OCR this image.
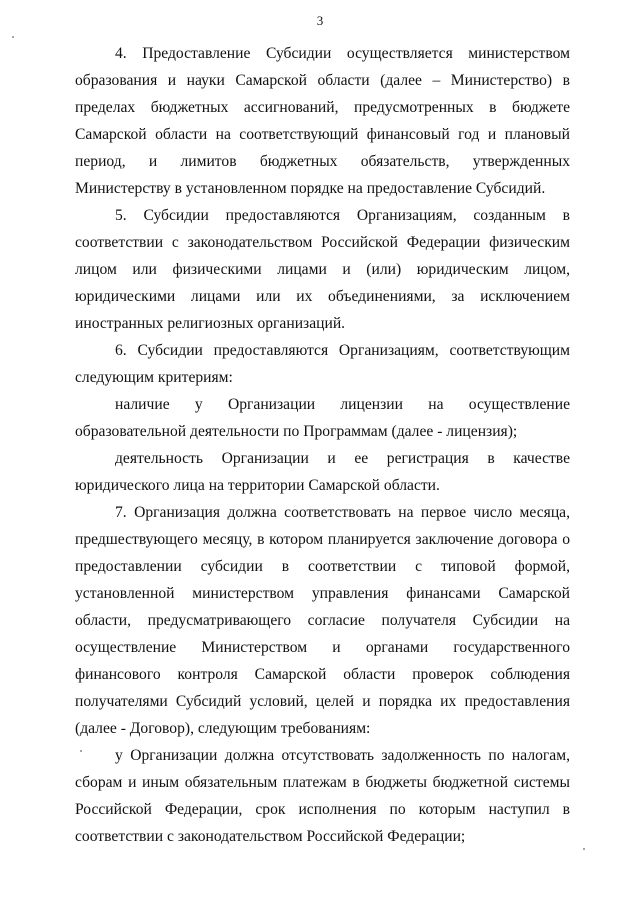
3

4. Предоставление Субсидии осуществляется министерством образования и науки Самарской области (далее – Министерство) в пределах бюджетных ассигнований, предусмотренных в бюджете Самарской области на соответствующий финансовый год и плановый период, и лимитов бюджетных обязательств, утвержденных Министерству в установленном порядке на предоставление Субсидий.

5. Субсидии предоставляются Организациям, созданным в соответствии с законодательством Российской Федерации физическим лицом или физическими лицами и (или) юридическим лицом, юридическими лицами или их объединениями, за исключением иностранных религиозных организаций.

6. Субсидии предоставляются Организациям, соответствующим следующим критериям:

наличие у Организации лицензии на осуществление образовательной деятельности по Программам (далее - лицензия);

деятельность Организации и ее регистрация в качестве юридического лица на территории Самарской области.

7. Организация должна соответствовать на первое число месяца, предшествующего месяцу, в котором планируется заключение договора о предоставлении субсидии в соответствии с типовой формой, установленной министерством управления финансами Самарской области, предусматривающего согласие получателя Субсидии на осуществление Министерством и органами государственного финансового контроля Самарской области проверок соблюдения получателями Субсидий условий, целей и порядка их предоставления (далее - Договор), следующим требованиям:

у Организации должна отсутствовать задолженность по налогам, сборам и иным обязательным платежам в бюджеты бюджетной системы Российской Федерации, срок исполнения по которым наступил в соответствии с законодательством Российской Федерации;
